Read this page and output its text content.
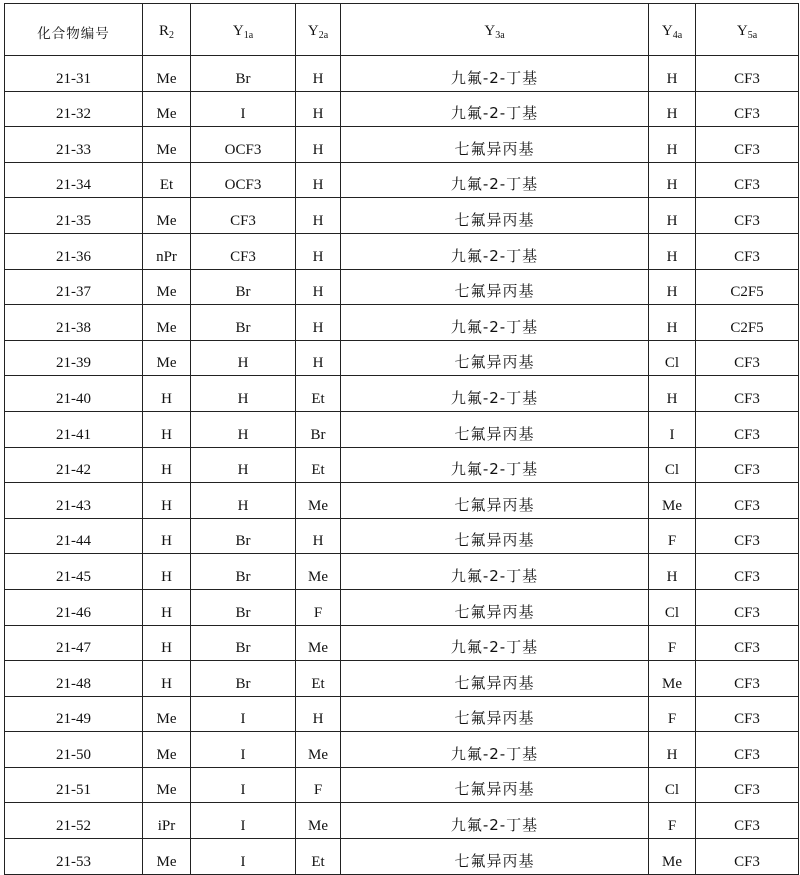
化合物编号	$R_2$	$Y_{1a}$	$Y_{2a}$	$Y_{3a}$	$Y_{4a}$	$Y_{5a}$
21-31	Me	Br	H	九氟-2-丁基	H	CF3
21-32	Me	I	H	九氟-2-丁基	H	CF3
21-33	Me	OCF3	H	七氟异丙基	H	CF3
21-34	Et	OCF3	H	九氟-2-丁基	H	CF3
21-35	Me	CF3	H	七氟异丙基	H	CF3
21-36	nPr	CF3	H	九氟-2-丁基	H	CF3
21-37	Me	Br	H	七氟异丙基	H	C2F5
21-38	Me	Br	H	九氟-2-丁基	H	C2F5
21-39	Me	H	H	七氟异丙基	Cl	CF3
21-40	H	H	Et	九氟-2-丁基	H	CF3
21-41	H	H	Br	七氟异丙基	I	CF3
21-42	H	H	Et	九氟-2-丁基	Cl	CF3
21-43	H	H	Me	七氟异丙基	Me	CF3
21-44	H	Br	H	七氟异丙基	F	CF3
21-45	H	Br	Me	九氟-2-丁基	H	CF3
21-46	H	Br	F	七氟异丙基	Cl	CF3
21-47	H	Br	Me	九氟-2-丁基	F	CF3
21-48	H	Br	Et	七氟异丙基	Me	CF3
21-49	Me	I	H	七氟异丙基	F	CF3
21-50	Me	I	Me	九氟-2-丁基	H	CF3
21-51	Me	I	F	七氟异丙基	Cl	CF3
21-52	iPr	I	Me	九氟-2-丁基	F	CF3
21-53	Me	I	Et	七氟异丙基	Me	CF3
